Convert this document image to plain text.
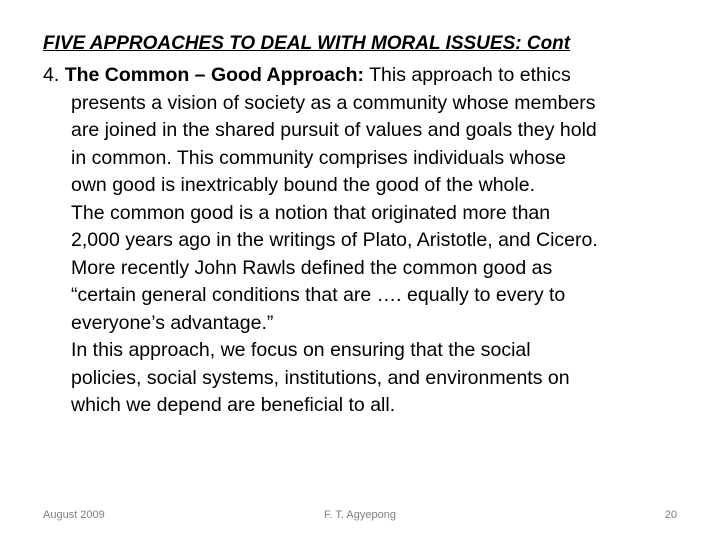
FIVE APPROACHES TO DEAL WITH MORAL ISSUES: Cont
4. The Common – Good Approach: This approach to ethics
presents a vision of society as a community whose members
are joined in the shared pursuit of values and goals they hold
in common. This community comprises individuals whose
own good is inextricably bound the good of the whole.
The common good is a notion that originated more than
2,000 years ago in the writings of Plato, Aristotle, and Cicero.
More recently John Rawls defined the common good as
“certain general conditions that are …. equally to every to
everyone’s advantage.”
In this approach, we focus on ensuring that the social
policies, social systems, institutions, and environments on
which we depend are beneficial to all.
August 2009	F. T. Agyepong	20
